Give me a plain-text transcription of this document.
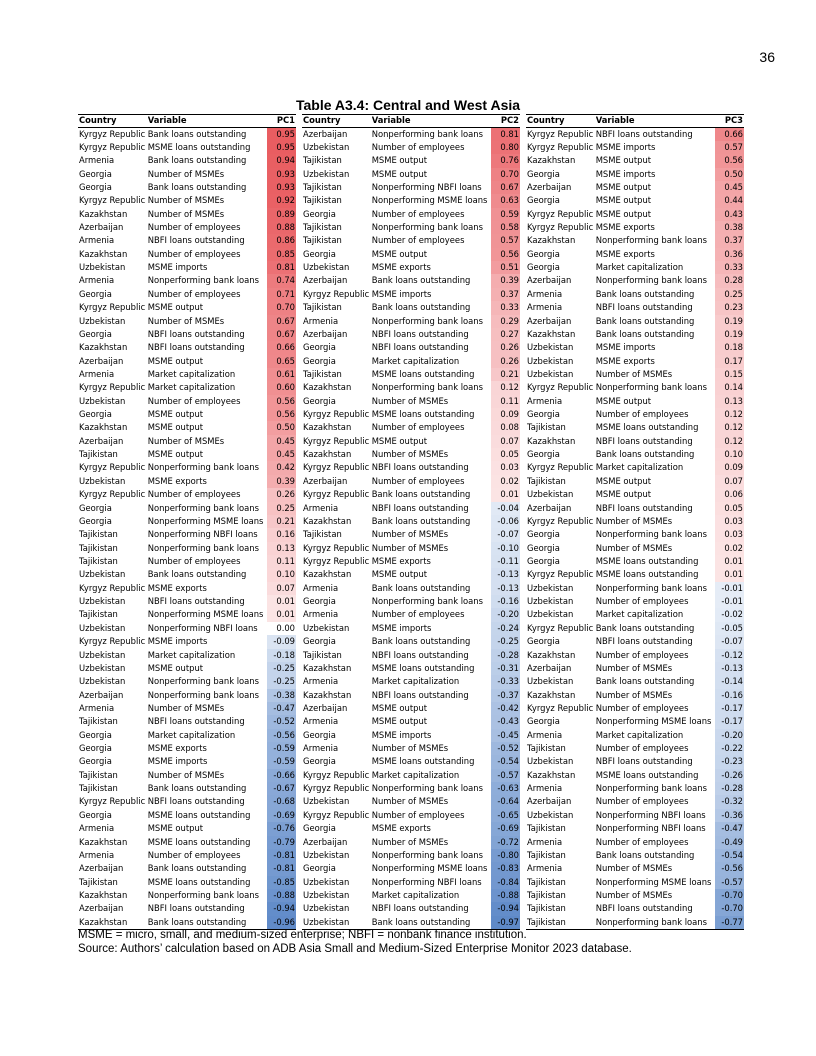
36
Table A3.4: Central and West Asia
Country	Variable	PC1
Kyrgyz Republic Bank loans outstanding	0.95
Kyrgyz Republic MSME loans outstanding	0.95
Armenia	Bank loans outstanding	0.94
Georgia	Number of MSMEs	0.93
Georgia	Bank loans outstanding	0.93
Kyrgyz Republic Number of MSMEs	0.92
Kazakhstan	Number of MSMEs	0.89
Azerbaijan	Number of employees	0.88
Armenia	NBFI loans outstanding	0.86
Kazakhstan	Number of employees	0.85
Uzbekistan	MSME imports	0.81
Armenia	Nonperforming bank loans	0.74
Georgia	Number of employees	0.71
Kyrgyz Republic MSME output	0.70
Uzbekistan	Number of MSMEs	0.67
Georgia	NBFI loans outstanding	0.67
Kazakhstan	NBFI loans outstanding	0.66
Azerbaijan	MSME output	0.65
Armenia	Market capitalization	0.61
Kyrgyz Republic Market capitalization	0.60
Uzbekistan	Number of employees	0.56
Georgia	MSME output	0.56
Kazakhstan	MSME output	0.50
Azerbaijan	Number of MSMEs	0.45
Tajikistan	MSME output	0.45
Kyrgyz Republic Nonperforming bank loans	0.42
Uzbekistan	MSME exports	0.39
Kyrgyz Republic Number of employees	0.26
Georgia	Nonperforming bank loans	0.25
Georgia	Nonperforming MSME loans	0.21
Tajikistan	Nonperforming NBFI loans	0.16
Tajikistan	Nonperforming bank loans	0.13
Tajikistan	Number of employees	0.11
Uzbekistan	Bank loans outstanding	0.10
Kyrgyz Republic MSME exports	0.07
Uzbekistan	NBFI loans outstanding	0.01
Tajikistan	Nonperforming MSME loans	0.01
Uzbekistan	Nonperforming NBFI loans	0.00
Kyrgyz Republic MSME imports	-0.09
Uzbekistan	Market capitalization	-0.18
Uzbekistan	MSME output	-0.25
Uzbekistan	Nonperforming bank loans	-0.25
Azerbaijan	Nonperforming bank loans	-0.38
Armenia	Number of MSMEs	-0.47
Tajikistan	NBFI loans outstanding	-0.52
Georgia	Market capitalization	-0.56
Georgia	MSME exports	-0.59
Georgia	MSME imports	-0.59
Tajikistan	Number of MSMEs	-0.66
Tajikistan	Bank loans outstanding	-0.67
Kyrgyz Republic NBFI loans outstanding	-0.68
Georgia	MSME loans outstanding	-0.69
Armenia	MSME output	-0.76
Kazakhstan	MSME loans outstanding	-0.79
Armenia	Number of employees	-0.81
Azerbaijan	Bank loans outstanding	-0.81
Tajikistan	MSME loans outstanding	-0.85
Kazakhstan	Nonperforming bank loans	-0.88
Azerbaijan	NBFI loans outstanding	-0.94
Kazakhstan	Bank loans outstanding	-0.96
Country	Variable	PC2
Azerbaijan	Nonperforming bank loans	0.81
Uzbekistan	Number of employees	0.80
Tajikistan	MSME output	0.76
Uzbekistan	MSME output	0.70
Tajikistan	Nonperforming NBFI loans	0.67
Tajikistan	Nonperforming MSME loans	0.63
Georgia	Number of employees	0.59
Tajikistan	Nonperforming bank loans	0.58
Tajikistan	Number of employees	0.57
Georgia	MSME output	0.56
Uzbekistan	MSME exports	0.51
Azerbaijan	Bank loans outstanding	0.39
Kyrgyz Republic MSME imports	0.37
Tajikistan	Bank loans outstanding	0.33
Armenia	Nonperforming bank loans	0.29
Azerbaijan	NBFI loans outstanding	0.27
Georgia	NBFI loans outstanding	0.26
Georgia	Market capitalization	0.26
Tajikistan	MSME loans outstanding	0.21
Kazakhstan	Nonperforming bank loans	0.12
Georgia	Number of MSMEs	0.11
Kyrgyz Republic MSME loans outstanding	0.09
Kazakhstan	Number of employees	0.08
Kyrgyz Republic MSME output	0.07
Kazakhstan	Number of MSMEs	0.05
Kyrgyz Republic NBFI loans outstanding	0.03
Azerbaijan	Number of employees	0.02
Kyrgyz Republic Bank loans outstanding	0.01
Armenia	NBFI loans outstanding	-0.04
Kazakhstan	Bank loans outstanding	-0.06
Tajikistan	Number of MSMEs	-0.07
Kyrgyz Republic Number of MSMEs	-0.10
Kyrgyz Republic MSME exports	-0.11
Kazakhstan	MSME output	-0.13
Armenia	Bank loans outstanding	-0.13
Georgia	Nonperforming bank loans	-0.16
Armenia	Number of employees	-0.20
Uzbekistan	MSME imports	-0.24
Georgia	Bank loans outstanding	-0.25
Tajikistan	NBFI loans outstanding	-0.28
Kazakhstan	MSME loans outstanding	-0.31
Armenia	Market capitalization	-0.33
Kazakhstan	NBFI loans outstanding	-0.37
Azerbaijan	MSME output	-0.42
Armenia	MSME output	-0.43
Georgia	MSME imports	-0.45
Armenia	Number of MSMEs	-0.52
Georgia	MSME loans outstanding	-0.54
Kyrgyz Republic Market capitalization	-0.57
Kyrgyz Republic Nonperforming bank loans	-0.63
Uzbekistan	Number of MSMEs	-0.64
Kyrgyz Republic Number of employees	-0.65
Georgia	MSME exports	-0.69
Azerbaijan	Number of MSMEs	-0.72
Uzbekistan	Nonperforming bank loans	-0.80
Georgia	Nonperforming MSME loans	-0.83
Uzbekistan	Nonperforming NBFI loans	-0.84
Uzbekistan	Market capitalization	-0.88
Uzbekistan	NBFI loans outstanding	-0.94
Uzbekistan	Bank loans outstanding	-0.97
Country	Variable	PC3
Kyrgyz Republic NBFI loans outstanding	0.66
Kyrgyz Republic MSME imports	0.57
Kazakhstan	MSME output	0.56
Georgia	MSME imports	0.50
Azerbaijan	MSME output	0.45
Georgia	MSME output	0.44
Kyrgyz Republic MSME output	0.43
Kyrgyz Republic MSME exports	0.38
Kazakhstan	Nonperforming bank loans	0.37
Georgia	MSME exports	0.36
Georgia	Market capitalization	0.33
Azerbaijan	Nonperforming bank loans	0.28
Armenia	Bank loans outstanding	0.25
Armenia	NBFI loans outstanding	0.23
Azerbaijan	Bank loans outstanding	0.19
Kazakhstan	Bank loans outstanding	0.19
Uzbekistan	MSME imports	0.18
Uzbekistan	MSME exports	0.17
Uzbekistan	Number of MSMEs	0.15
Kyrgyz Republic Nonperforming bank loans	0.14
Armenia	MSME output	0.13
Georgia	Number of employees	0.12
Tajikistan	MSME loans outstanding	0.12
Kazakhstan	NBFI loans outstanding	0.12
Georgia	Bank loans outstanding	0.10
Kyrgyz Republic Market capitalization	0.09
Tajikistan	MSME output	0.07
Uzbekistan	MSME output	0.06
Azerbaijan	NBFI loans outstanding	0.05
Kyrgyz Republic Number of MSMEs	0.03
Georgia	Nonperforming bank loans	0.03
Georgia	Number of MSMEs	0.02
Georgia	MSME loans outstanding	0.01
Kyrgyz Republic MSME loans outstanding	0.01
Uzbekistan	Nonperforming bank loans	-0.01
Uzbekistan	Number of employees	-0.01
Uzbekistan	Market capitalization	-0.02
Kyrgyz Republic Bank loans outstanding	-0.05
Georgia	NBFI loans outstanding	-0.07
Kazakhstan	Number of employees	-0.12
Azerbaijan	Number of MSMEs	-0.13
Uzbekistan	Bank loans outstanding	-0.14
Kazakhstan	Number of MSMEs	-0.16
Kyrgyz Republic Number of employees	-0.17
Georgia	Nonperforming MSME loans	-0.17
Armenia	Market capitalization	-0.20
Tajikistan	Number of employees	-0.22
Uzbekistan	NBFI loans outstanding	-0.23
Kazakhstan	MSME loans outstanding	-0.26
Armenia	Nonperforming bank loans	-0.28
Azerbaijan	Number of employees	-0.32
Uzbekistan	Nonperforming NBFI loans	-0.36
Tajikistan	Nonperforming NBFI loans	-0.47
Armenia	Number of employees	-0.49
Tajikistan	Bank loans outstanding	-0.54
Armenia	Number of MSMEs	-0.56
Tajikistan	Nonperforming MSME loans	-0.57
Tajikistan	Number of MSMEs	-0.70
Tajikistan	NBFI loans outstanding	-0.70
Tajikistan	Nonperforming bank loans	-0.77
MSME = micro, small, and medium-sized enterprise; NBFI = nonbank finance institution.
Source: Authors’ calculation based on ADB Asia Small and Medium-Sized Enterprise Monitor 2023 database.
